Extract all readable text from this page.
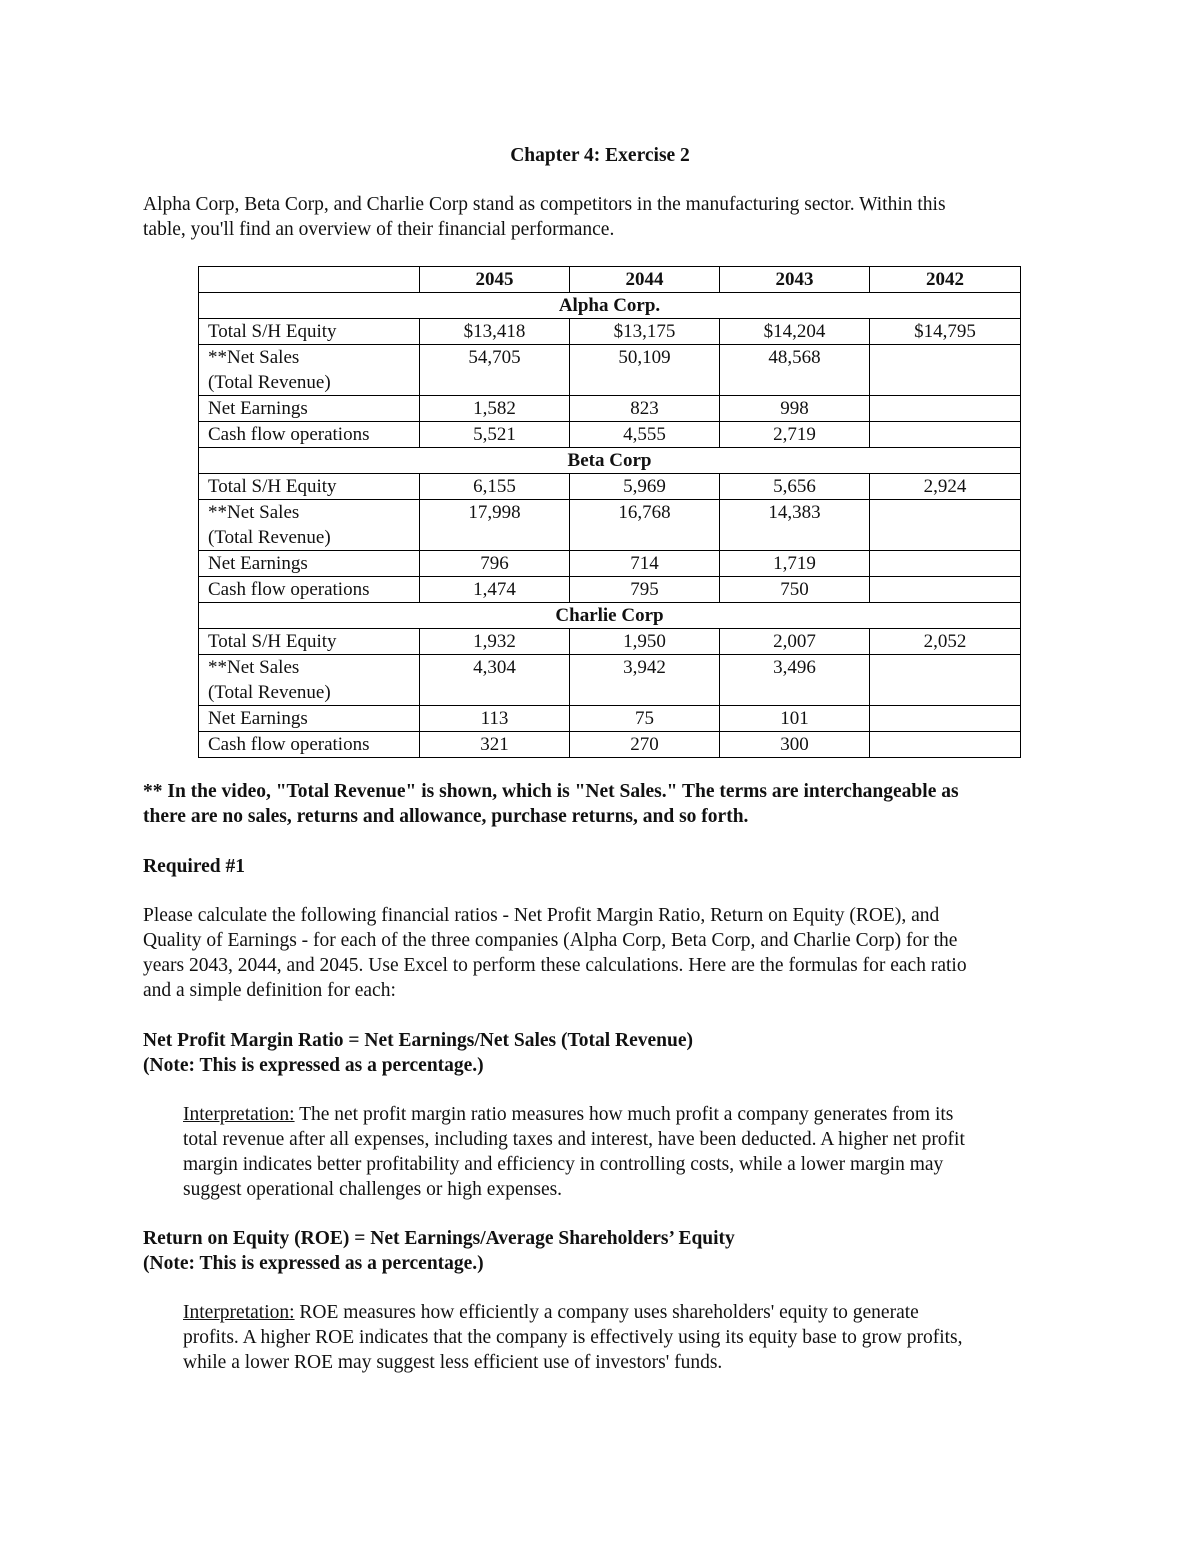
Chapter 4: Exercise 2
Alpha Corp, Beta Corp, and Charlie Corp stand as competitors in the manufacturing sector. Within this
table, you'll find an overview of their financial performance.
	2045	2044	2043	2042
Alpha Corp.				
Total S/H Equity	$13,418	$13,175	$14,204	$14,795

**Net Sales
(Total Revenue)	54,705	50,109	48,568	
Net Earnings	1,582	823	998	
Cash flow operations	5,521	4,555	2,719	
Beta Corp				
Total S/H Equity	6,155	5,969	5,656	2,924

**Net Sales
(Total Revenue)	17,998	16,768	14,383	
Net Earnings	796	714	1,719	
Cash flow operations	1,474	795	750	
Charlie Corp				
Total S/H Equity	1,932	1,950	2,007	2,052

**Net Sales
(Total Revenue)	4,304	3,942	3,496	
Net Earnings	113	75	101	
Cash flow operations	321	270	300	
** In the video, "Total Revenue" is shown, which is "Net Sales." The terms are interchangeable as
there are no sales, returns and allowance, purchase returns, and so forth.
Required #1
Please calculate the following financial ratios - Net Profit Margin Ratio, Return on Equity (ROE), and
Quality of Earnings - for each of the three companies (Alpha Corp, Beta Corp, and Charlie Corp) for the
years 2043, 2044, and 2045. Use Excel to perform these calculations. Here are the formulas for each ratio
and a simple definition for each:
Net Profit Margin Ratio = Net Earnings/Net Sales (Total Revenue)
(Note: This is expressed as a percentage.)
Interpretation: The net profit margin ratio measures how much profit a company generates from its
total revenue after all expenses, including taxes and interest, have been deducted. A higher net profit
margin indicates better profitability and efficiency in controlling costs, while a lower margin may
suggest operational challenges or high expenses.
Return on Equity (ROE) = Net Earnings/Average Shareholders’ Equity
(Note: This is expressed as a percentage.)
Interpretation: ROE measures how efficiently a company uses shareholders' equity to generate
profits. A higher ROE indicates that the company is effectively using its equity base to grow profits,
while a lower ROE may suggest less efficient use of investors' funds.
